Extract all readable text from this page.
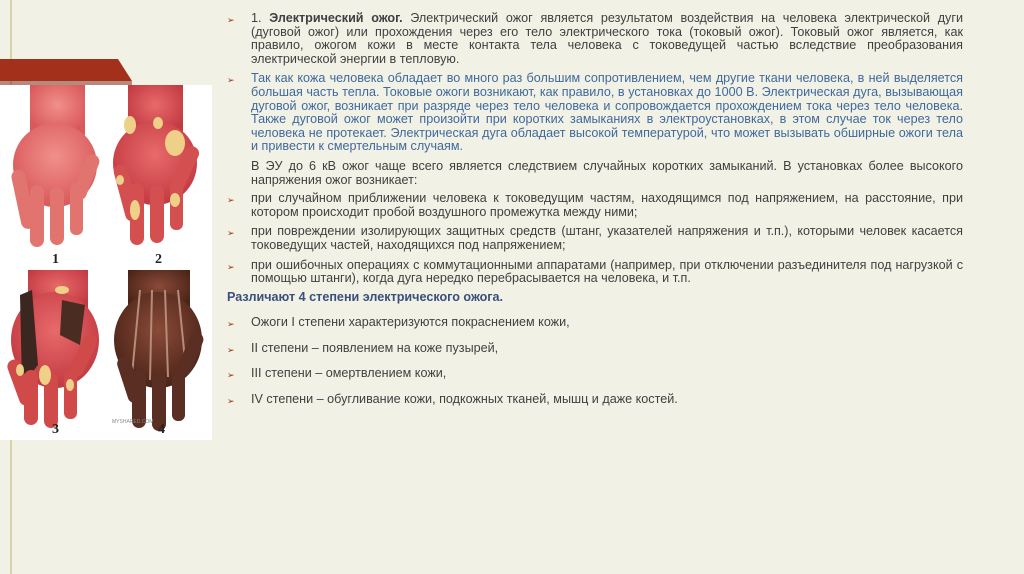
1	2
3	4
MYSHARED.COM
➢ 1. Электрический ожог. Электрический ожог является результатом воздействия на человека электрической дуги (дуговой ожог) или прохождения через его тело электрического тока (токовый ожог). Токовый ожог является, как правило, ожогом кожи в месте контакта тела человека с токоведущей частью вследствие преобразования электрической энергии в тепловую.
➢ Так как кожа человека обладает во много раз большим сопротивлением, чем другие ткани человека, в ней выделяется большая часть тепла. Токовые ожоги возникают, как правило, в установках до 1000 В. Электрическая дуга, вызывающая дуговой ожог, возникает при разряде через тело человека и сопровождается прохождением тока через тело человека. Также дуговой ожог может произойти при коротких замыканиях в электроустановках, в этом случае ток через тело человека не протекает. Электрическая дуга обладает высокой температурой, что может вызывать обширные ожоги тела и привести к смертельным случаям.
В ЭУ до 6 кВ ожог чаще всего является следствием случайных коротких замыканий. В установках более высокого напряжения ожог возникает:
➢ при случайном приближении человека к токоведущим частям, находящимся под напряжением, на расстояние, при котором происходит пробой воздушного промежутка между ними;
➢ при повреждении изолирующих защитных средств (штанг, указателей напряжения и т.п.), которыми человек касается токоведущих частей, находящихся под напряжением;
➢ при ошибочных операциях с коммутационными аппаратами (например, при отключении разъединителя под нагрузкой с помощью штанги), когда дуга нередко перебрасывается на человека, и т.п.
Различают 4 степени электрического ожога.
➢ Ожоги I степени характеризуются покраснением кожи,
➢ II степени – появлением на коже пузырей,
➢ III степени – омертвлением кожи,
➢ IV степени – обугливание кожи, подкожных тканей, мышц и даже костей.
